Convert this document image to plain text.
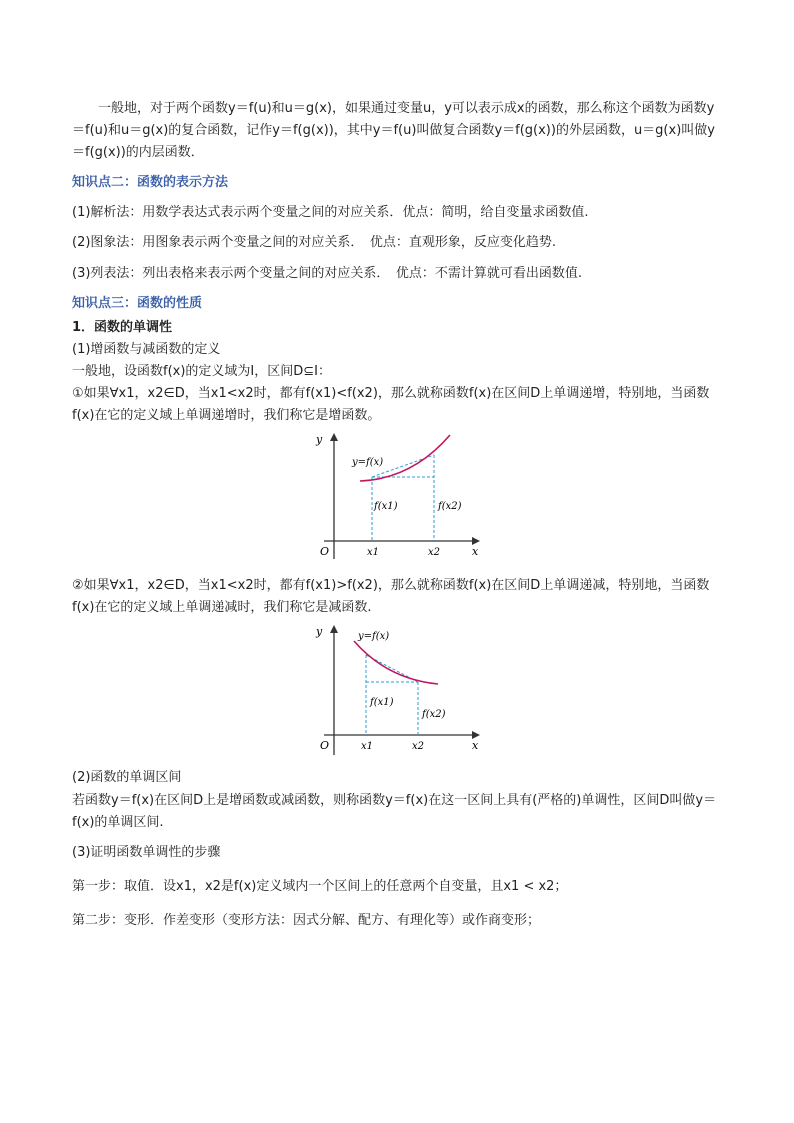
一般地，对于两个函数y＝f(u)和u＝g(x)，如果通过变量u，y可以表示成x的函数，那么称这个函数为函数y＝f(u)和u＝g(x)的复合函数，记作y＝f(g(x))，其中y＝f(u)叫做复合函数y＝f(g(x))的外层函数，u＝g(x)叫做y＝f(g(x))的内层函数．

知识点二：函数的表示方法

(1)解析法：用数学表达式表示两个变量之间的对应关系．优点：简明，给自变量求函数值.

(2)图象法：用图象表示两个变量之间的对应关系．　优点：直观形象，反应变化趋势.

(3)列表法：列出表格来表示两个变量之间的对应关系．　优点：不需计算就可看出函数值.

知识点三：函数的性质

1．函数的单调性

(1)增函数与减函数的定义

一般地，设函数f(x)的定义域为I，区间D⊆I：

①如果∀x1，x2∈D，当x1<x2时，都有f(x1)<f(x2)，那么就称函数f(x)在区间D上单调递增，特别地，当函数f(x)在它的定义域上单调递增时，我们称它是增函数。

y
x
O
y=f(x)
f(x1)	f(x2)
x1	x2

②如果∀x1，x2∈D，当x1<x2时，都有f(x1)>f(x2)，那么就称函数f(x)在区间D上单调递减，特别地，当函数f(x)在它的定义域上单调递减时，我们称它是减函数.

y
x
O
y=f(x)
f(x1)
f(x2)
x1	x2

(2)函数的单调区间

若函数y＝f(x)在区间D上是增函数或减函数，则称函数y＝f(x)在这一区间上具有(严格的)单调性，区间D叫做y＝f(x)的单调区间.

(3)证明函数单调性的步骤

第一步：取值．设x1，x2是f(x)定义域内一个区间上的任意两个自变量，且x1 < x2；

第二步：变形．作差变形（变形方法：因式分解、配方、有理化等）或作商变形；
